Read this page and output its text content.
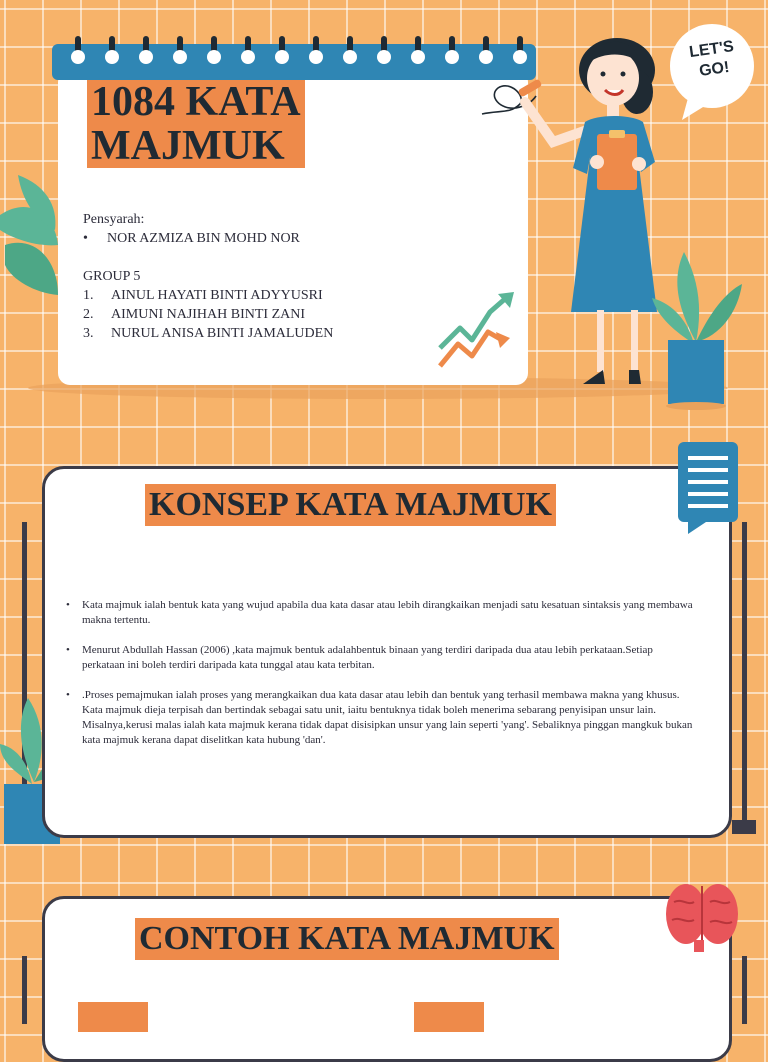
1084 KATA
MAJMUK
Pensyarah:
•	NOR AZMIZA BIN MOHD NOR
GROUP 5
1.	AINUL HAYATI BINTI ADYYUSRI
2.	AIMUNI NAJIHAH BINTI ZANI
3.	NURUL ANISA BINTI JAMALUDEN
LET'S
GO!
KONSEP KATA MAJMUK
•	Kata majmuk ialah bentuk kata yang wujud apabila dua kata dasar atau lebih dirangkaikan menjadi satu kesatuan sintaksis yang membawa makna tertentu.
•	Menurut Abdullah Hassan (2006) ,kata majmuk bentuk adalahbentuk binaan yang terdiri daripada dua atau lebih perkataan.Setiap perkataan ini boleh terdiri daripada kata tunggal atau kata terbitan.
•	.Proses pemajmukan ialah proses yang merangkaikan dua kata dasar atau lebih dan bentuk yang terhasil membawa makna yang khusus. Kata majmuk dieja terpisah dan bertindak sebagai satu unit, iaitu bentuknya tidak boleh menerima sebarang penyisipan unsur lain. Misalnya,kerusi malas ialah kata majmuk kerana tidak dapat disisipkan unsur yang lain seperti 'yang'. Sebaliknya pinggan mangkuk bukan kata majmuk kerana dapat diselitkan kata hubung 'dan'.
CONTOH KATA MAJMUK
